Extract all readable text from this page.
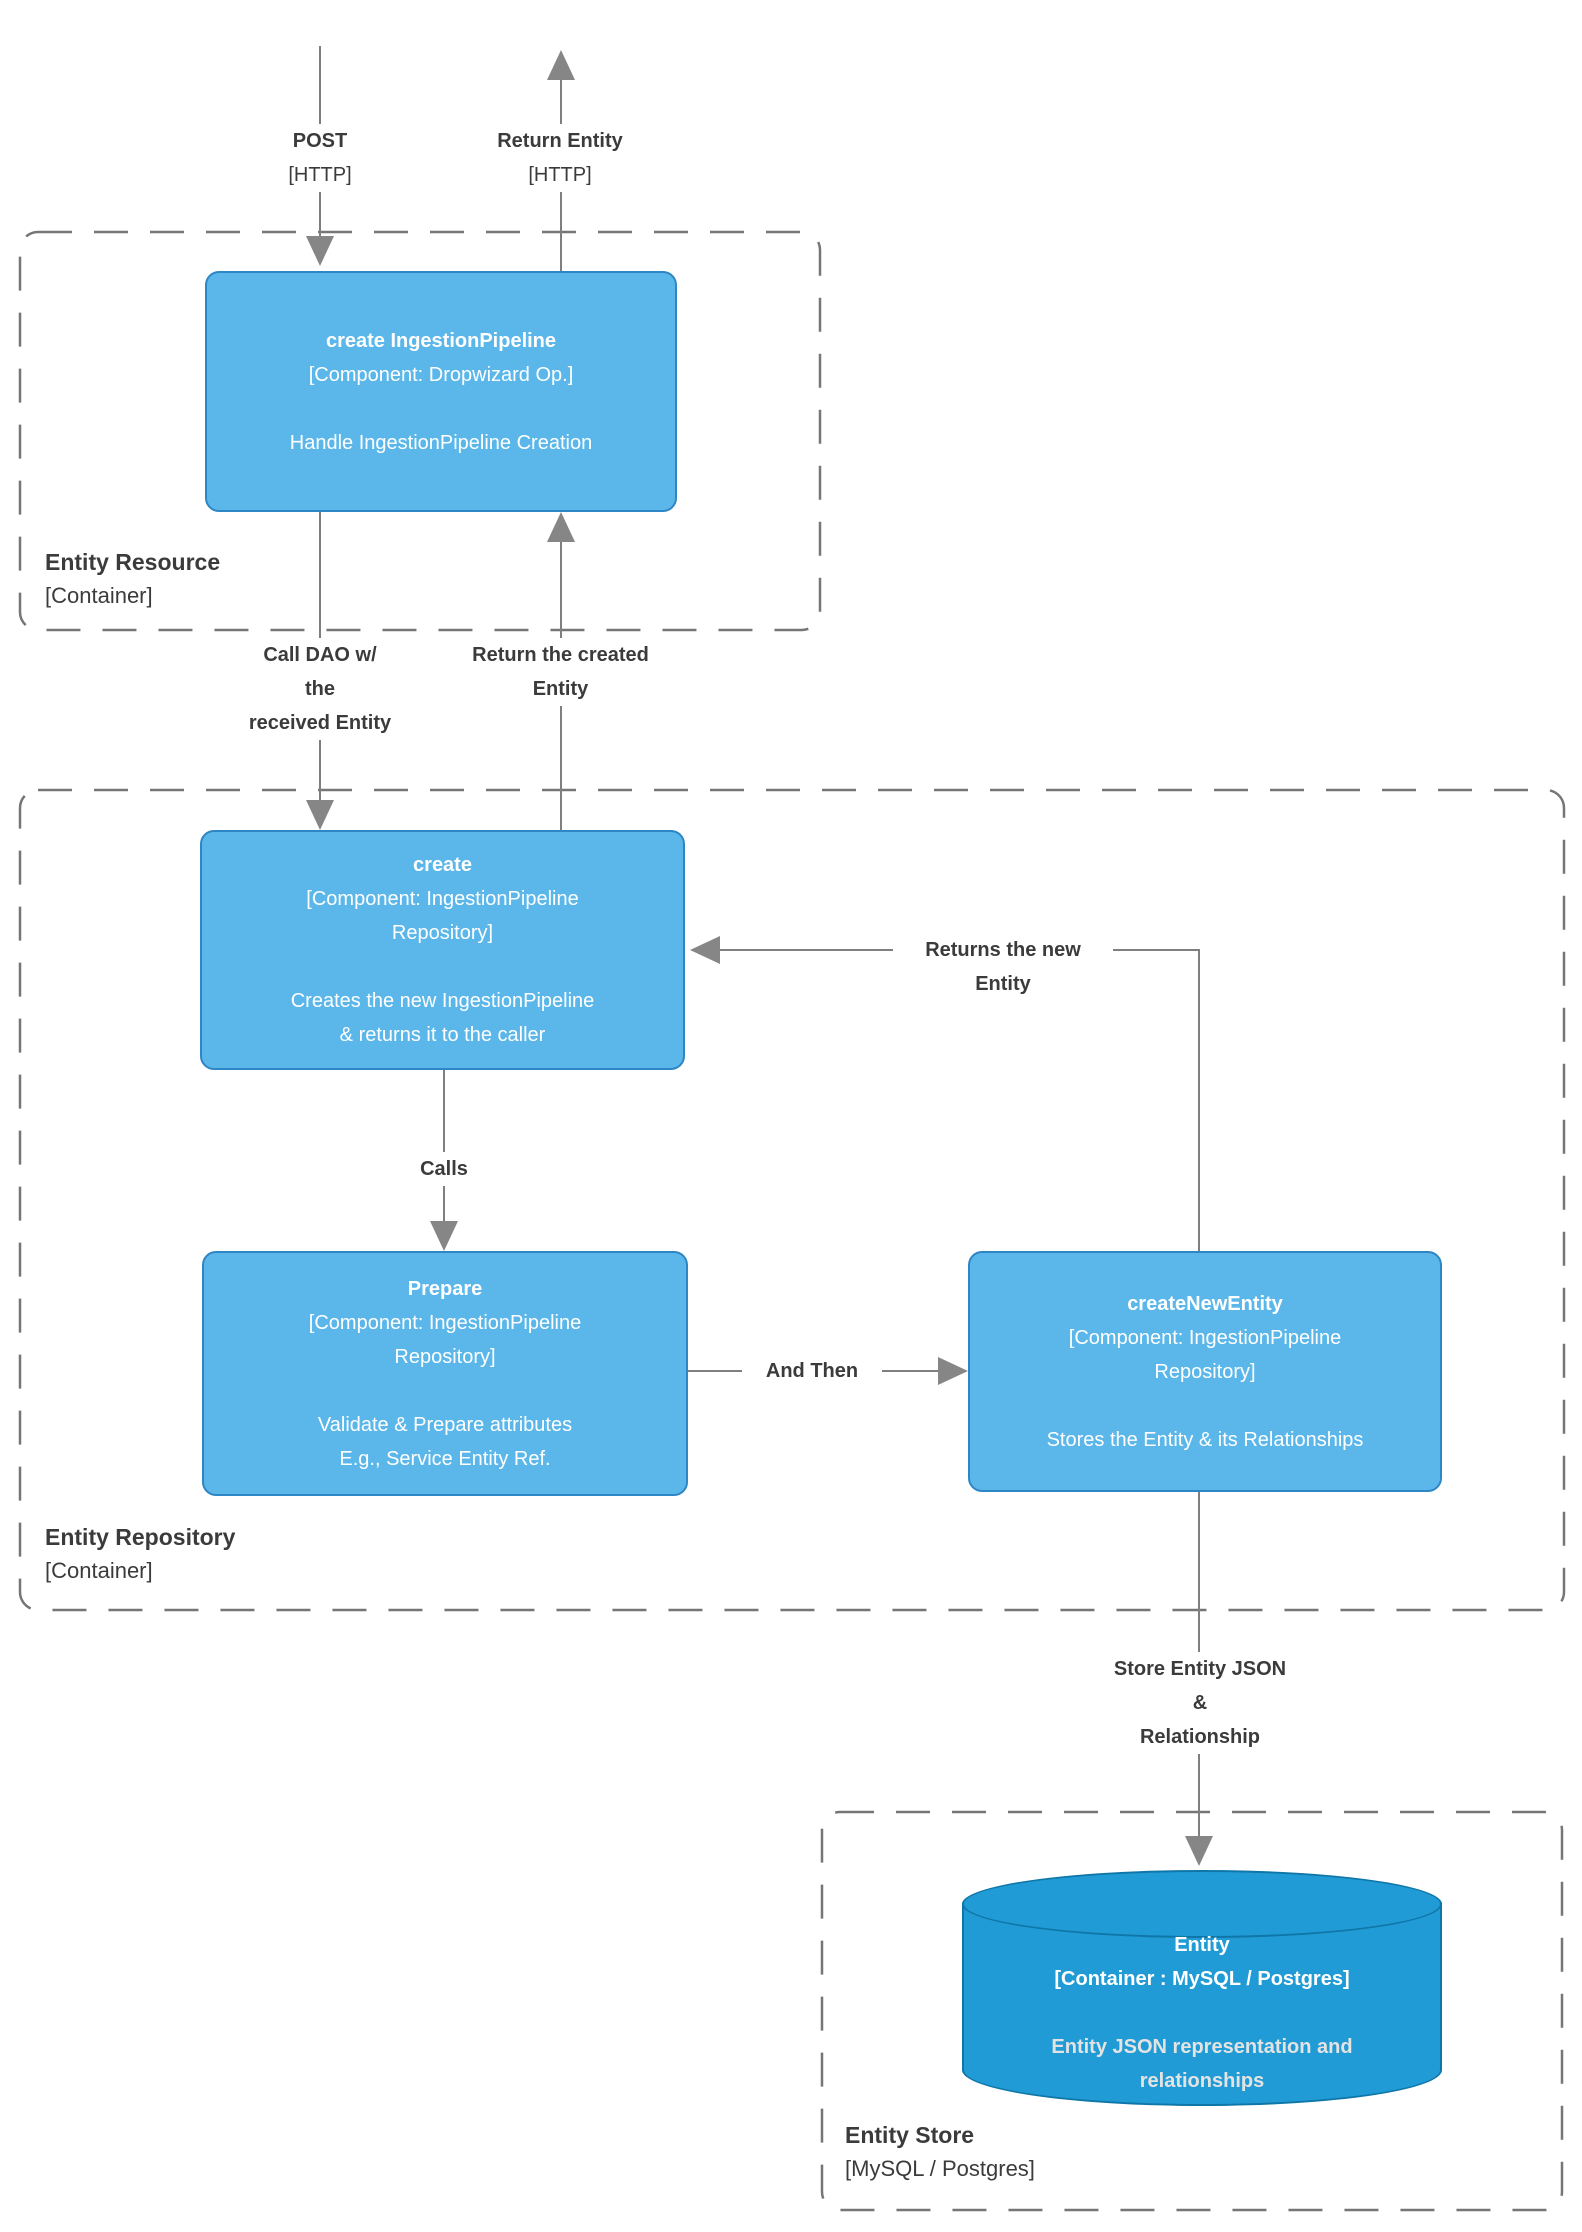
Entity Resource
[Container]
Entity Repository
[Container]
Entity Store
[MySQL / Postgres]
POST
[HTTP]
Return Entity
[HTTP]
Call DAO w/
the
received Entity
Return the created
Entity
Calls
And Then
Returns the new
Entity
Store Entity JSON
&
Relationship
create IngestionPipeline
[Component: Dropwizard Op.]
Handle IngestionPipeline Creation
create
[Component: IngestionPipeline
Repository]
Creates the new IngestionPipeline
& returns it to the caller
Prepare
[Component: IngestionPipeline
Repository]
Validate & Prepare attributes
E.g., Service Entity Ref.
createNewEntity
[Component: IngestionPipeline
Repository]
Stores the Entity & its Relationships
Entity
[Container : MySQL / Postgres]
Entity JSON representation and
relationships
